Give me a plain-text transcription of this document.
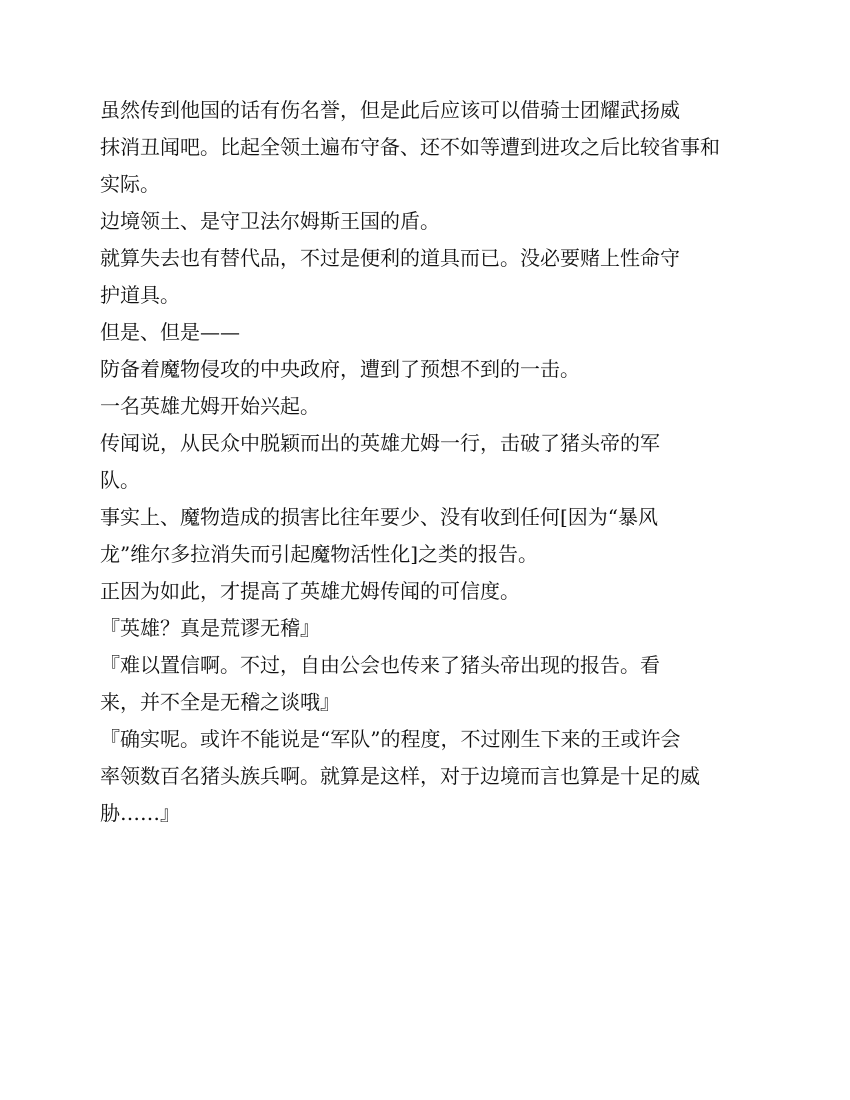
虽然传到他国的话有伤名誉，但是此后应该可以借骑士团耀武扬威

抹消丑闻吧。比起全领土遍布守备、还不如等遭到进攻之后比较省事和

实际。

边境领土、是守卫法尔姆斯王国的盾。

就算失去也有替代品，不过是便利的道具而已。没必要赌上性命守

护道具。

但是、但是——

防备着魔物侵攻的中央政府，遭到了预想不到的一击。

一名英雄尤姆开始兴起。

传闻说，从民众中脱颖而出的英雄尤姆一行，击破了猪头帝的军

队。

事实上、魔物造成的损害比往年要少、没有收到任何[因为“暴风

龙”维尔多拉消失而引起魔物活性化]之类的报告。

正因为如此，才提高了英雄尤姆传闻的可信度。

『英雄？真是荒谬无稽』

『难以置信啊。不过，自由公会也传来了猪头帝出现的报告。看

来，并不全是无稽之谈哦』

『确实呢。或许不能说是“军队”的程度，不过刚生下来的王或许会

率领数百名猪头族兵啊。就算是这样，对于边境而言也算是十足的威

胁……』
